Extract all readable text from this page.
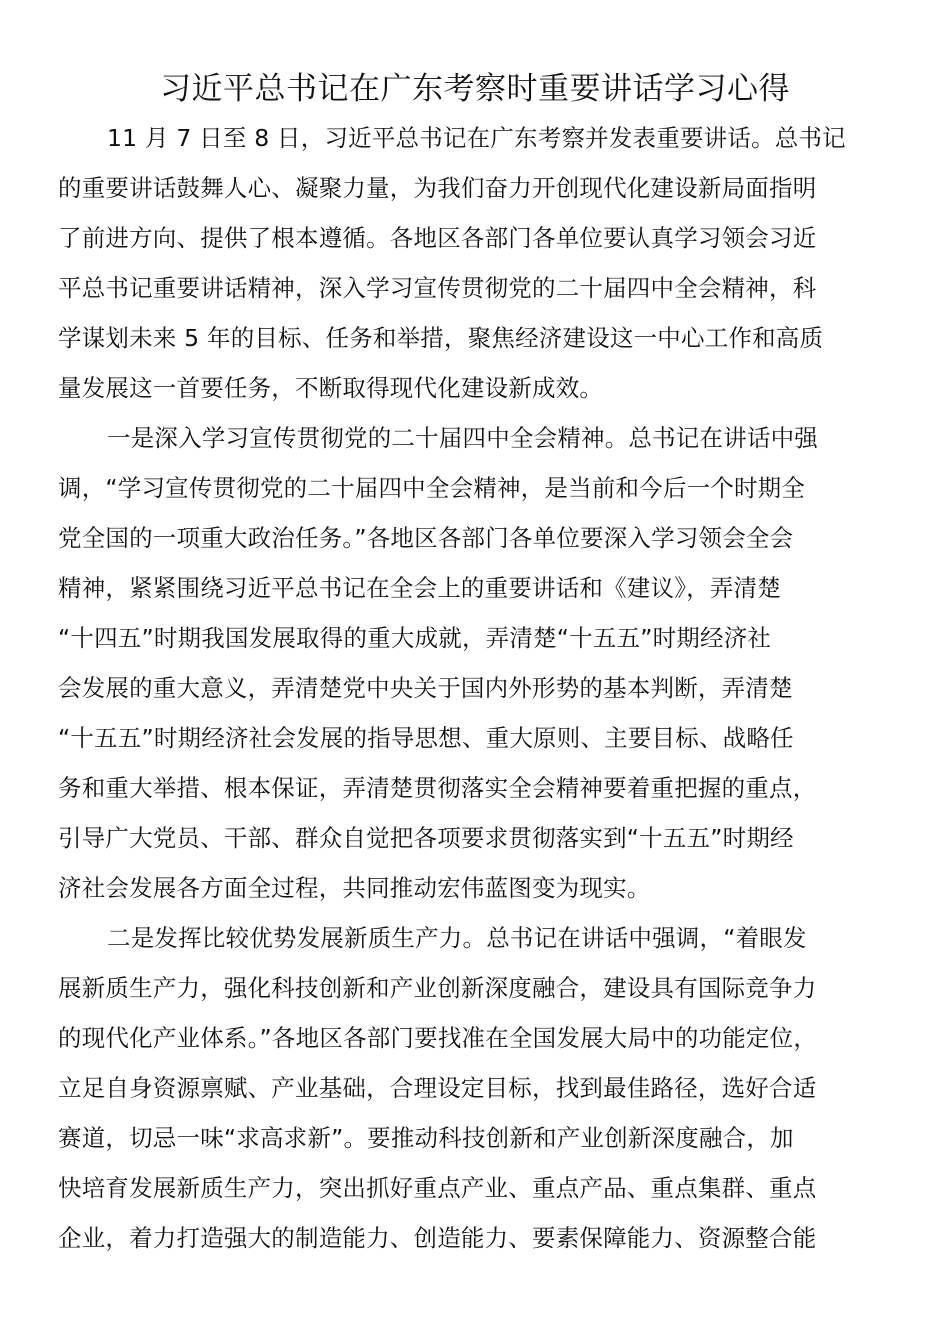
习近平总书记在广东考察时重要讲话学习心得
11 月 7 日至 8 日，习近平总书记在广东考察并发表重要讲话。总书记
的重要讲话鼓舞人心、凝聚力量，为我们奋力开创现代化建设新局面指明
了前进方向、提供了根本遵循。各地区各部门各单位要认真学习领会习近
平总书记重要讲话精神，深入学习宣传贯彻党的二十届四中全会精神，科
学谋划未来 5 年的目标、任务和举措，聚焦经济建设这一中心工作和高质
量发展这一首要任务，不断取得现代化建设新成效。
一是深入学习宣传贯彻党的二十届四中全会精神。总书记在讲话中强
调，“学习宣传贯彻党的二十届四中全会精神，是当前和今后一个时期全
党全国的一项重大政治任务。”各地区各部门各单位要深入学习领会全会
精神，紧紧围绕习近平总书记在全会上的重要讲话和《建议》，弄清楚
“十四五”时期我国发展取得的重大成就，弄清楚“十五五”时期经济社
会发展的重大意义，弄清楚党中央关于国内外形势的基本判断，弄清楚
“十五五”时期经济社会发展的指导思想、重大原则、主要目标、战略任
务和重大举措、根本保证，弄清楚贯彻落实全会精神要着重把握的重点，
引导广大党员、干部、群众自觉把各项要求贯彻落实到“十五五”时期经
济社会发展各方面全过程，共同推动宏伟蓝图变为现实。
二是发挥比较优势发展新质生产力。总书记在讲话中强调，“着眼发
展新质生产力，强化科技创新和产业创新深度融合，建设具有国际竞争力
的现代化产业体系。”各地区各部门要找准在全国发展大局中的功能定位，
立足自身资源禀赋、产业基础，合理设定目标，找到最佳路径，选好合适
赛道，切忌一味“求高求新”。要推动科技创新和产业创新深度融合，加
快培育发展新质生产力，突出抓好重点产业、重点产品、重点集群、重点
企业，着力打造强大的制造能力、创造能力、要素保障能力、资源整合能
